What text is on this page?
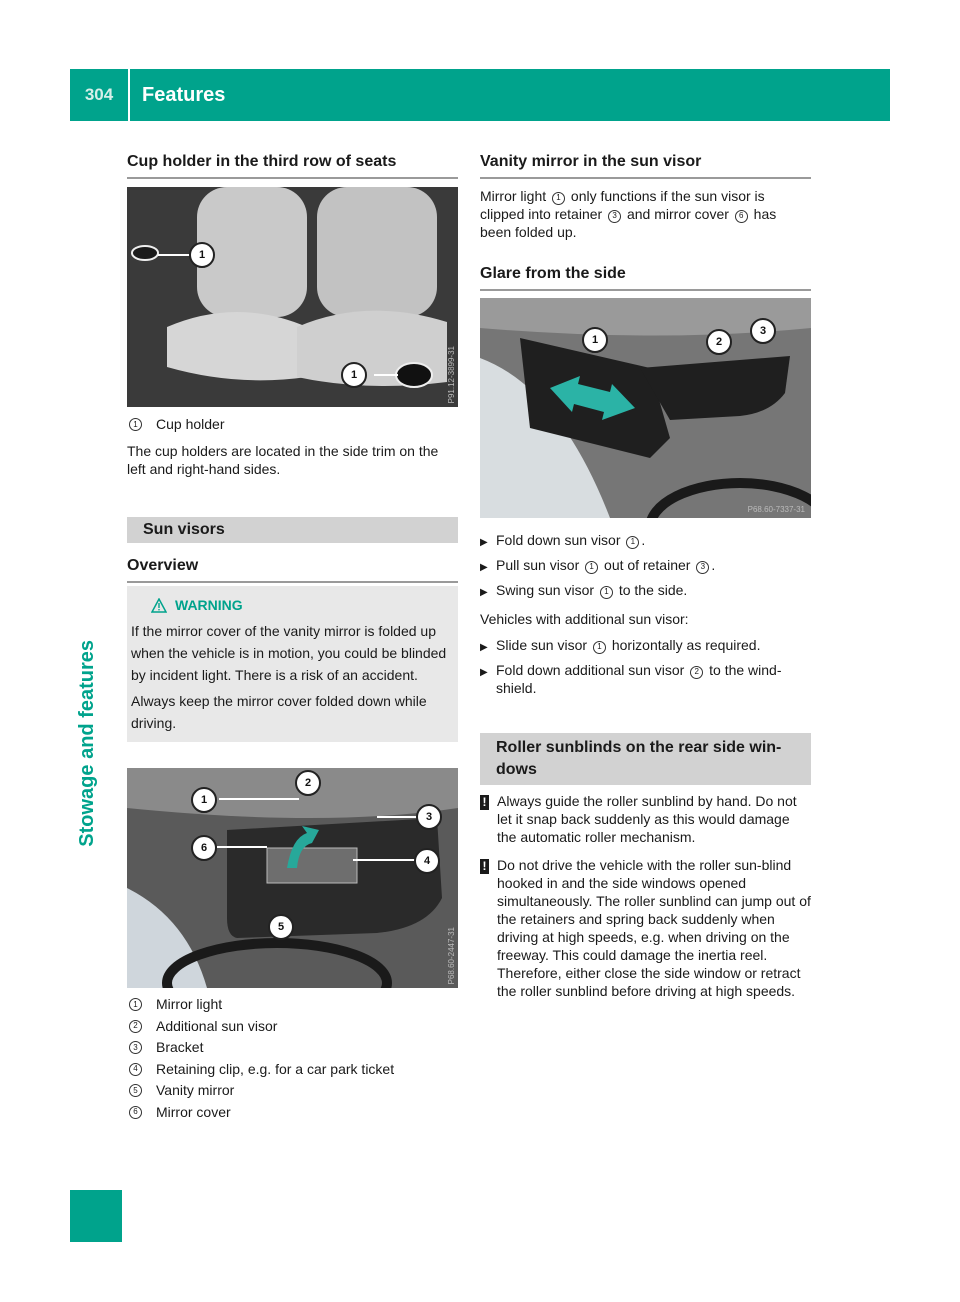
304	Features
Stowage and features
Cup holder in the third row of seats
1
1	P91.12-3899-31
1	Cup holder
The cup holders are located in the side trim on the left and right-hand sides.
Sun visors
Overview
WARNING
If the mirror cover of the vanity mirror is folded up when the vehicle is in motion, you could be blinded by incident light. There is a risk of an accident.
Always keep the mirror cover folded down while driving.
1
2
3
4
5
6
P68.60-2447-31
1	Mirror light
2	Additional sun visor
3	Bracket
4	Retaining clip, e.g. for a car park ticket
5	Vanity mirror
6	Mirror cover
Vanity mirror in the sun visor
Mirror light 1 only functions if the sun visor is clipped into retainer 3 and mirror cover 6 has been folded up.
Glare from the side
1	2
3
P68.60-7337-31
▶ Fold down sun visor 1 .
▶ Pull sun visor 1 out of retainer 3 .
▶ Swing sun visor 1 to the side.
Vehicles with additional sun visor:
▶ Slide sun visor 1 horizontally as required.
▶ Fold down additional sun visor 2 to the wind-shield.
Roller sunblinds on the rear side win-dows
! Always guide the roller sunblind by hand. Do not let it snap back suddenly as this would damage the automatic roller mechanism.
! Do not drive the vehicle with the roller sun-blind hooked in and the side windows opened simultaneously. The roller sunblind can jump out of the retainers and spring back suddenly when driving at high speeds, e.g. when driving on the freeway. This could damage the inertia reel. Therefore, either close the side window or retract the roller sunblind before driving at high speeds.
